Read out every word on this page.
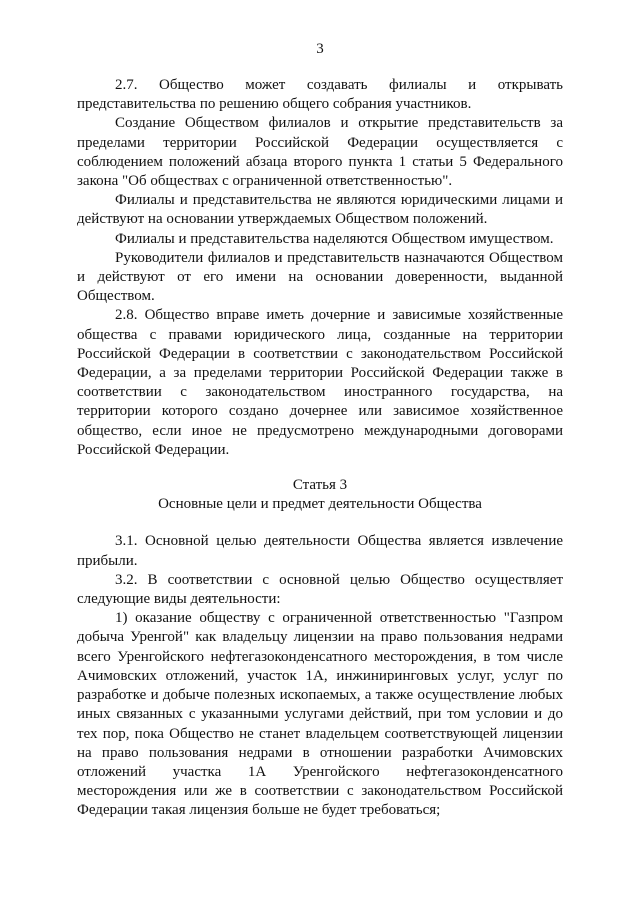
3

2.7. Общество может создавать филиалы и открывать представительства по решению общего собрания участников.

Создание Обществом филиалов и открытие представительств за пределами территории Российской Федерации осуществляется с соблюдением положений абзаца второго пункта 1 статьи 5 Федерального закона "Об обществах с ограниченной ответственностью".

Филиалы и представительства не являются юридическими лицами и действуют на основании утверждаемых Обществом положений.

Филиалы и представительства наделяются Обществом имуществом.

Руководители филиалов и представительств назначаются Обществом и действуют от его имени на основании доверенности, выданной Обществом.

2.8. Общество вправе иметь дочерние и зависимые хозяйственные общества с правами юридического лица, созданные на территории Российской Федерации в соответствии с законодательством Российской Федерации, а за пределами территории Российской Федерации также в соответствии с законодательством иностранного государства, на территории которого создано дочернее или зависимое хозяйственное общество, если иное не предусмотрено международными договорами Российской Федерации.

Статья 3
Основные цели и предмет деятельности Общества

3.1. Основной целью деятельности Общества является извлечение прибыли.

3.2. В соответствии с основной целью Общество осуществляет следующие виды деятельности:

1) оказание обществу с ограниченной ответственностью "Газпром добыча Уренгой" как владельцу лицензии на право пользования недрами всего Уренгойского нефтегазоконденсатного месторождения, в том числе Ачимовских отложений, участок 1А, инжиниринговых услуг, услуг по разработке и добыче полезных ископаемых, а также осуществление любых иных связанных с указанными услугами действий, при том условии и до тех пор, пока Общество не станет владельцем соответствующей лицензии на право пользования недрами в отношении разработки Ачимовских отложений участка 1А Уренгойского нефтегазоконденсатного месторождения или же в соответствии с законодательством Российской Федерации такая лицензия больше не будет требоваться;
